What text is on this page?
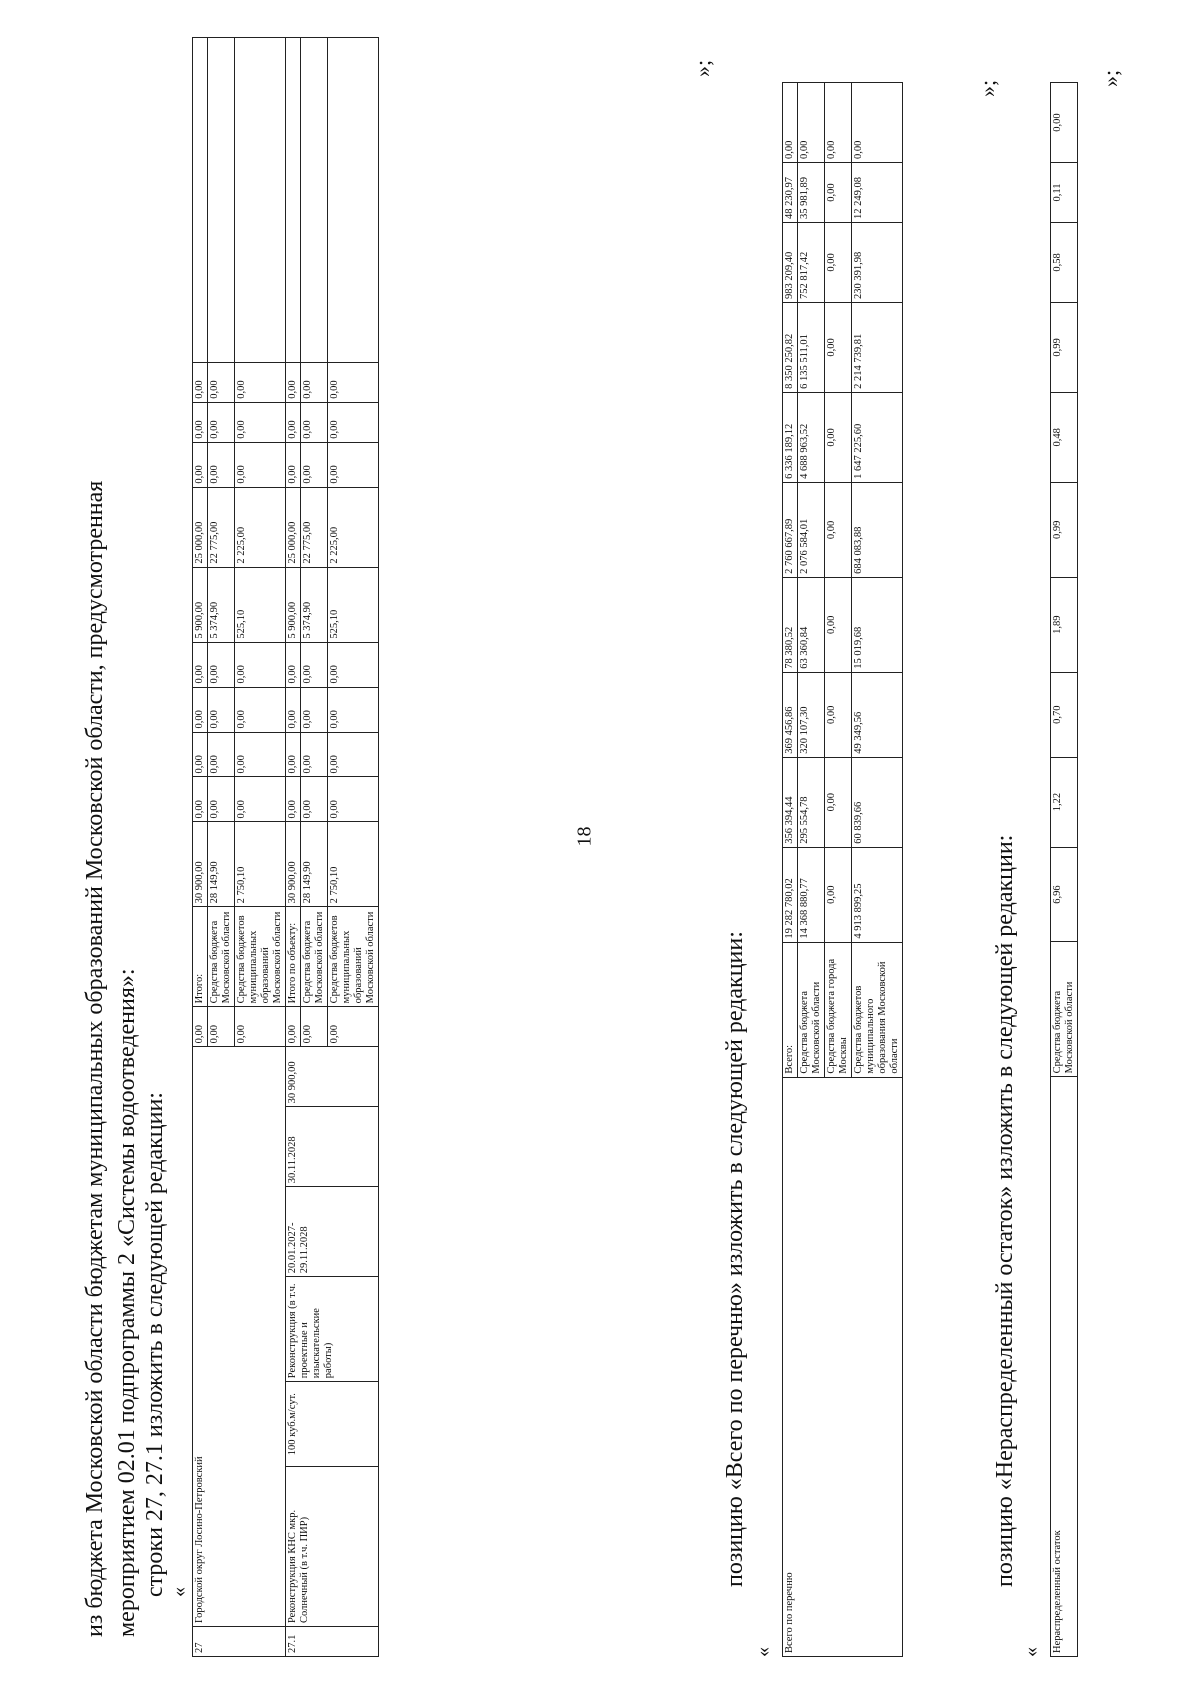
18
из бюджета Московской области бюджетам муниципальных образований Московской области, предусмотренная мероприятием 02.01 подпрограммы 2 «Системы водоотведения»: строки 27, 27.1 изложить в следующей редакции: «
27	Городской округ Лосино-Петровский						0,00	Итого:	30 900,00	0,00	0,00	0,00	0,00	5 900,00	25 000,00	0,00	0,00	0,00	
							0,00	Средства бюджета Московской области	28 149,90	0,00	0,00	0,00	0,00	5 374,90	22 775,00	0,00	0,00	0,00	
							0,00	Средства бюджетов муниципальных образований Московской области	2 750,10	0,00	0,00	0,00	0,00	525,10	2 225,00	0,00	0,00	0,00	
27.1	Реконструкция КНС мкр. Солнечный (в т.ч. ПИР)	100 куб.м/сут.	Реконструкция (в т.ч. проектные и изыскательские работы)	20.01.2027-29.11.2028	30.11.2028	30 900,00	0,00	Итого по объекту:	30 900,00	0,00	0,00	0,00	0,00	5 900,00	25 000,00	0,00	0,00	0,00	
							0,00	Средства бюджета Московской области	28 149,90	0,00	0,00	0,00	0,00	5 374,90	22 775,00	0,00	0,00	0,00	
							0,00	Средства бюджетов муниципальных образований Московской области	2 750,10	0,00	0,00	0,00	0,00	525,10	2 225,00	0,00	0,00	0,00	
»;
позицию «Всего по перечню» изложить в следующей редакции:
« Всего по перечню	Всего:	19 282 780,02	356 394,44	369 456,86	78 380,52	2 760 667,89	6 336 189,12	8 350 250,82	983 209,40	48 230,97	0,00
	Средства бюджета Московской области	14 368 880,77	295 554,78	320 107,30	63 360,84	2 076 584,01	4 688 963,52	6 135 511,01	752 817,42	35 981,89	0,00
	Средства бюджета города Москвы	0,00	0,00	0,00	0,00	0,00	0,00	0,00	0,00	0,00	0,00
	Средства бюджетов муниципального образования Московской области	4 913 899,25	60 839,66	49 349,56	15 019,68	684 083,88	1 647 225,60	2 214 739,81	230 391,98	12 249,08	0,00
»;
позицию «Нераспределенный остаток» изложить в следующей редакции:
« Нераспределенный остаток	Средства бюджета Московской области	6,96	1,22	0,70	1,89	0,99	0,48	0,99	0,58	0,11	0,00
»;
